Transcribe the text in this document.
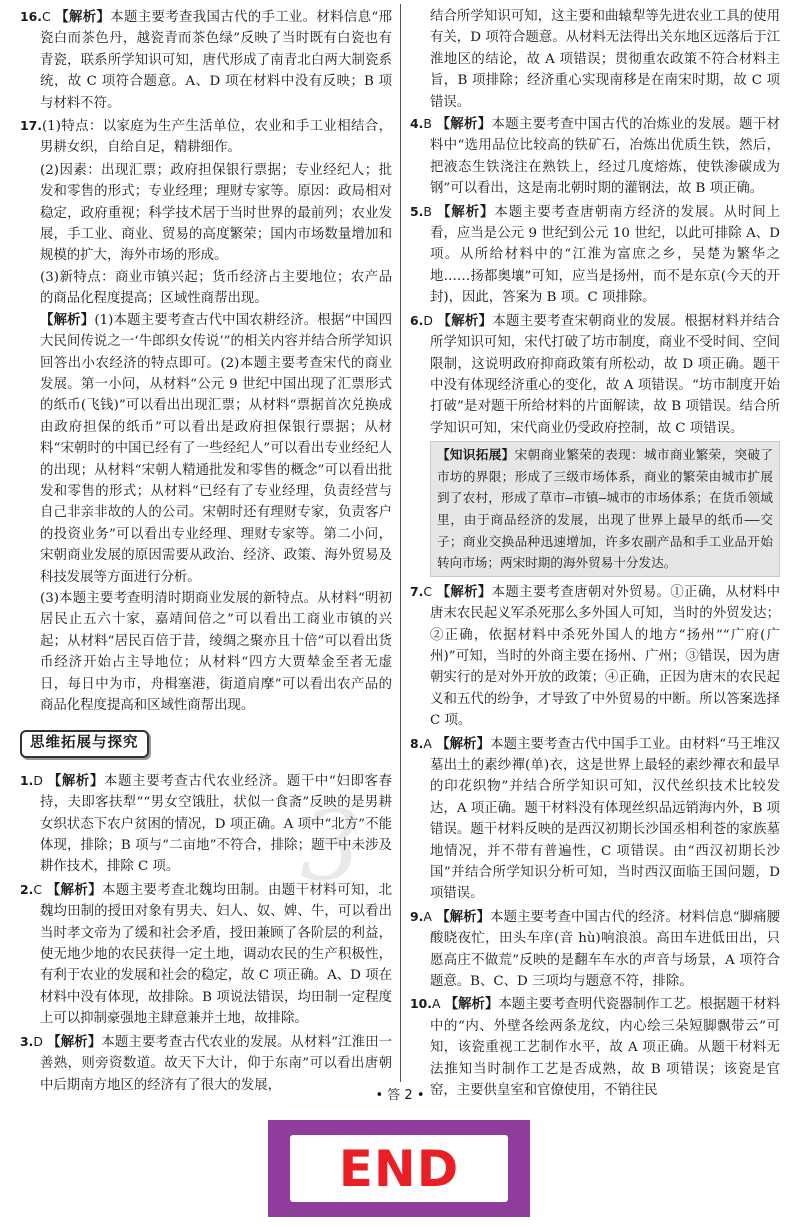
3

16.C 【解析】本题主要考查我国古代的手工业。材料信息“邢瓷白而茶色丹，越瓷青而茶色绿”反映了当时既有白瓷也有青瓷，联系所学知识可知，唐代形成了南青北白两大制瓷系统，故 C 项符合题意。A、D 项在材料中没有反映；B 项与材料不符。

17.(1)特点：以家庭为生产生活单位，农业和手工业相结合，男耕女织，自给自足，精耕细作。

(2)因素：出现汇票；政府担保银行票据；专业经纪人；批发和零售的形式；专业经理；理财专家等。原因：政局相对稳定，政府重视；科学技术居于当时世界的最前列；农业发展，手工业、商业、贸易的高度繁荣；国内市场数量增加和规模的扩大，海外市场的形成。

(3)新特点：商业市镇兴起；货币经济占主要地位；农产品的商品化程度提高；区域性商帮出现。

【解析】(1)本题主要考查古代中国农耕经济。根据“中国四大民间传说之一‘牛郎织女传说’”的相关内容并结合所学知识回答出小农经济的特点即可。(2)本题主要考查宋代的商业发展。第一小问，从材料“公元 9 世纪中国出现了汇票形式的纸币(飞钱)”可以看出出现汇票；从材料“票据首次兑换成由政府担保的纸币”可以看出是政府担保银行票据；从材料“宋朝时的中国已经有了一些经纪人”可以看出专业经纪人的出现；从材料“宋朝人精通批发和零售的概念”可以看出批发和零售的形式；从材料“已经有了专业经理，负责经营与自己非亲非故的人的公司。宋朝时还有理财专家，负责客户的投资业务”可以看出专业经理、理财专家等。第二小问，宋朝商业发展的原因需要从政治、经济、政策、海外贸易及科技发展等方面进行分析。

(3)本题主要考查明清时期商业发展的新特点。从材料“明初居民止五六十家，嘉靖间倍之”可以看出工商业市镇的兴起；从材料“居民百倍于昔，绫绸之聚亦且十倍”可以看出货币经济开始占主导地位；从材料“四方大贾辇金至者无虚日，每日中为市，舟楫塞港，街道肩摩”可以看出农产品的商品化程度提高和区域性商帮出现。

思维拓展与探究

1.D 【解析】本题主要考查古代农业经济。题干中“妇即客春持，夫即客扶犁”“男女空饿肚，状似一食斋”反映的是男耕女织状态下农户贫困的情况，D 项正确。A 项中“北方”不能体现，排除；B 项与“二亩地”不符合，排除；题干中未涉及耕作技术，排除 C 项。

2.C 【解析】本题主要考查北魏均田制。由题干材料可知，北魏均田制的授田对象有男夫、妇人、奴、婢、牛，可以看出当时孝文帝为了缓和社会矛盾，授田兼顾了各阶层的利益，使无地少地的农民获得一定土地，调动农民的生产积极性，有利于农业的发展和社会的稳定，故 C 项正确。A、D 项在材料中没有体现，故排除。B 项说法错误，均田制一定程度上可以抑制豪强地主肆意兼并土地，故排除。

3.D 【解析】本题主要考查古代农业的发展。从材料“江淮田一善熟，则旁资数道。故天下大计，仰于东南”可以看出唐朝中后期南方地区的经济有了很大的发展，

结合所学知识可知，这主要和曲辕犁等先进农业工具的使用有关，D 项符合题意。从材料无法得出关东地区远落后于江淮地区的结论，故 A 项错误；贯彻重农政策不符合材料主旨，B 项排除；经济重心实现南移是在南宋时期，故 C 项错误。

4.B 【解析】本题主要考查中国古代的冶炼业的发展。题干材料中“选用品位比较高的铁矿石，冶炼出优质生铁，然后，把液态生铁浇注在熟铁上，经过几度熔炼，使铁渗碳成为钢”可以看出，这是南北朝时期的灌钢法，故 B 项正确。

5.B 【解析】本题主要考查唐朝南方经济的发展。从时间上看，应当是公元 9 世纪到公元 10 世纪，以此可排除 A、D 项。从所给材料中的“江淮为富庶之乡，吴楚为繁华之地……扬都奥壤”可知，应当是扬州，而不是东京(今天的开封)，因此，答案为 B 项。C 项排除。

6.D 【解析】本题主要考查宋朝商业的发展。根据材料并结合所学知识可知，宋代打破了坊市制度，商业不受时间、空间限制，这说明政府抑商政策有所松动，故 D 项正确。题干中没有体现经济重心的变化，故 A 项错误。“坊市制度开始打破”是对题干所给材料的片面解读，故 B 项错误。结合所学知识可知，宋代商业仍受政府控制，故 C 项错误。

【知识拓展】宋朝商业繁荣的表现：城市商业繁荣，突破了市坊的界限；形成了三级市场体系，商业的繁荣由城市扩展到了农村，形成了草市—市镇—城市的市场体系；在货币领域里，由于商品经济的发展，出现了世界上最早的纸币——交子；商业交换品种迅速增加，许多农副产品和手工业品开始转向市场；两宋时期的海外贸易十分发达。

7.C 【解析】本题主要考查唐朝对外贸易。①正确，从材料中唐末农民起义军杀死那么多外国人可知，当时的外贸发达；②正确，依据材料中杀死外国人的地方“扬州”“广府(广州)”可知，当时的外商主要在扬州、广州；③错误，因为唐朝实行的是对外开放的政策；④正确，正因为唐末的农民起义和五代的纷争，才导致了中外贸易的中断。所以答案选择 C 项。

8.A 【解析】本题主要考查古代中国手工业。由材料“马王堆汉墓出土的素纱襌(单)衣，这是世界上最轻的素纱襌衣和最早的印花织物”并结合所学知识可知，汉代丝织技术比较发达，A 项正确。题干材料没有体现丝织品远销海内外，B 项错误。题干材料反映的是西汉初期长沙国丞相利苍的家族墓地情况，并不带有普遍性，C 项错误。由“西汉初期长沙国”并结合所学知识分析可知，当时西汉面临王国问题，D 项错误。

9.A 【解析】本题主要考查中国古代的经济。材料信息“脚痛腰酸晓夜忙，田头车庠(音 hù)响浪浪。高田车进低田出，只愿高庄不做荒”反映的是翻车车水的声音与场景，A 项符合题意。B、C、D 三项均与题意不符，排除。

10.A 【解析】本题主要考查明代瓷器制作工艺。根据题干材料中的“内、外壁各绘两条龙纹，内心绘三朵短脚飘带云”可知，该瓷重视工艺制作水平，故 A 项正确。从题干材料无法推知当时制作工艺是否成熟，故 B 项错误；该瓷是官窑，主要供皇室和官僚使用，不销往民

• 答 2 •
END
